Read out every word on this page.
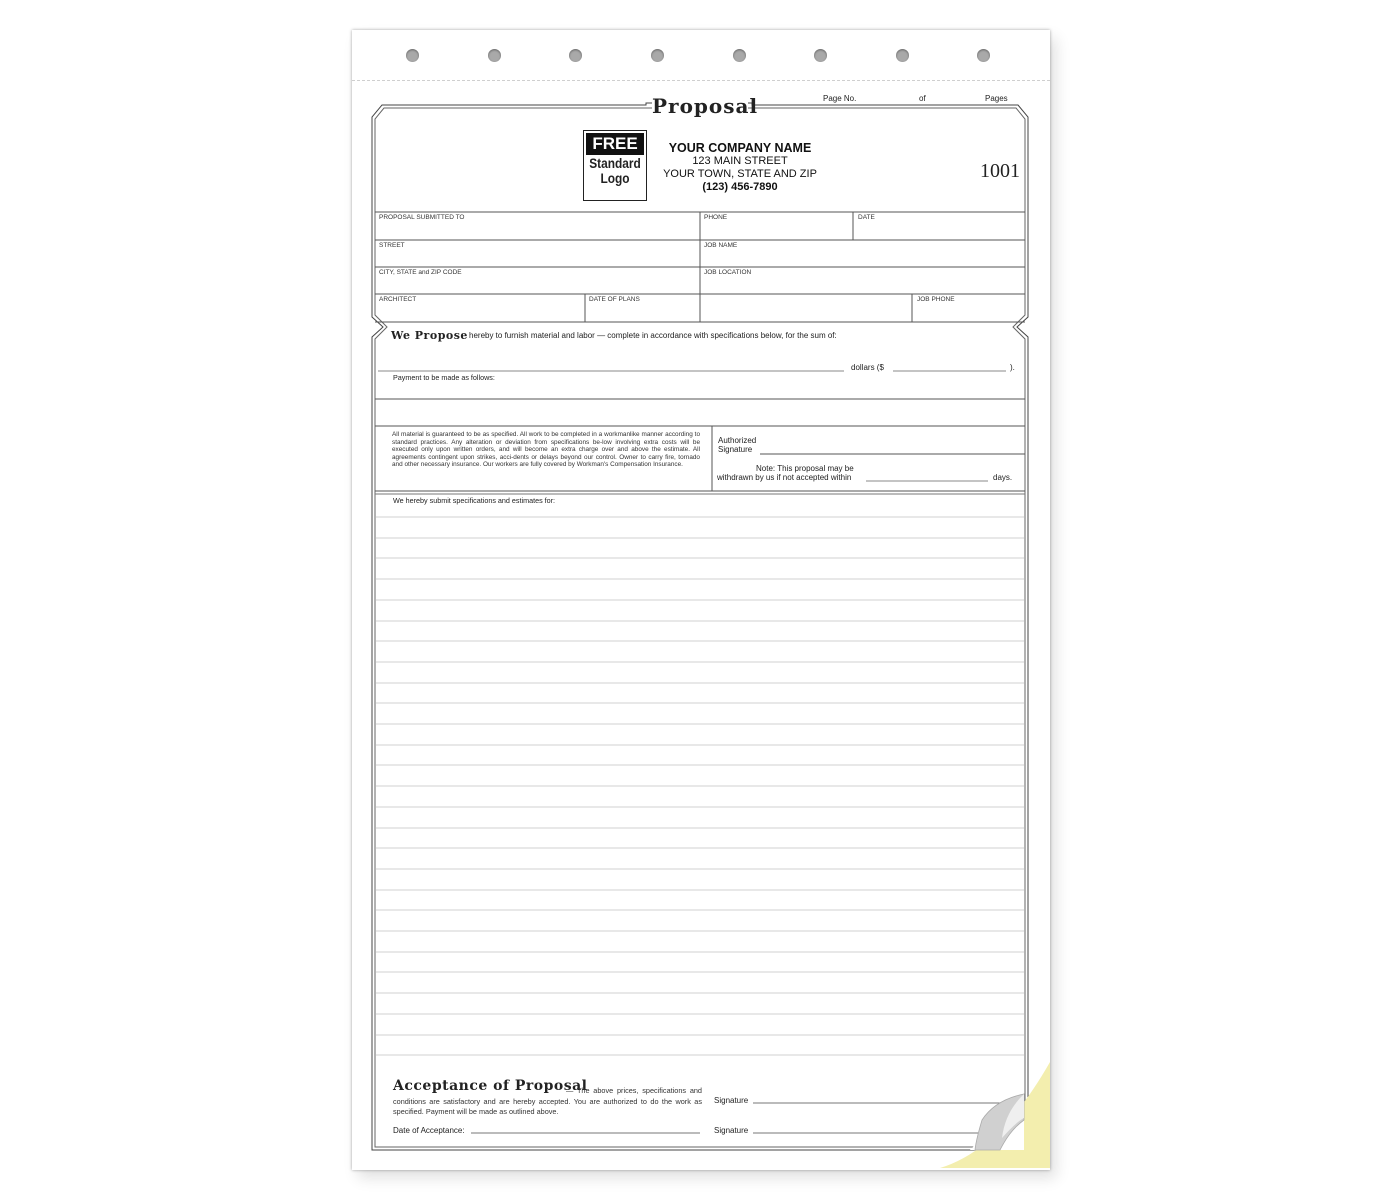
Proposal	Page No.	of	Pages
FREE
Standard
Logo
YOUR COMPANY NAME
123 MAIN STREET
YOUR TOWN, STATE AND ZIP
(123) 456-7890
1001
PROPOSAL SUBMITTED TO	PHONE	DATE
STREET	JOB NAME
CITY, STATE and ZIP CODE	JOB LOCATION
ARCHITECT	DATE OF PLANS	JOB PHONE
We Propose hereby to furnish material and labor — complete in accordance with specifications below, for the sum of:
dollars ($	).
Payment to be made as follows:
All material is guaranteed to be as specified. All work to be completed in a workmanlike manner according to standard practices. Any alteration or deviation from specifications be-low involving extra costs will be executed only upon written orders, and will become an extra charge over and above the estimate. All agreements contingent upon strikes, acci-dents or delays beyond our control. Owner to carry fire, tornado and other necessary insurance. Our workers are fully covered by Workman's Compensation Insurance.
Authorized
Signature
Note: This proposal may be
withdrawn by us if not accepted within	days.
We hereby submit specifications and estimates for:
Acceptance of Proposal
— The above prices, specifications and conditions are satisfactory and are hereby accepted. You are authorized to do the work as specified. Payment will be made as outlined above.
Date of Acceptance:
Signature
Signature
